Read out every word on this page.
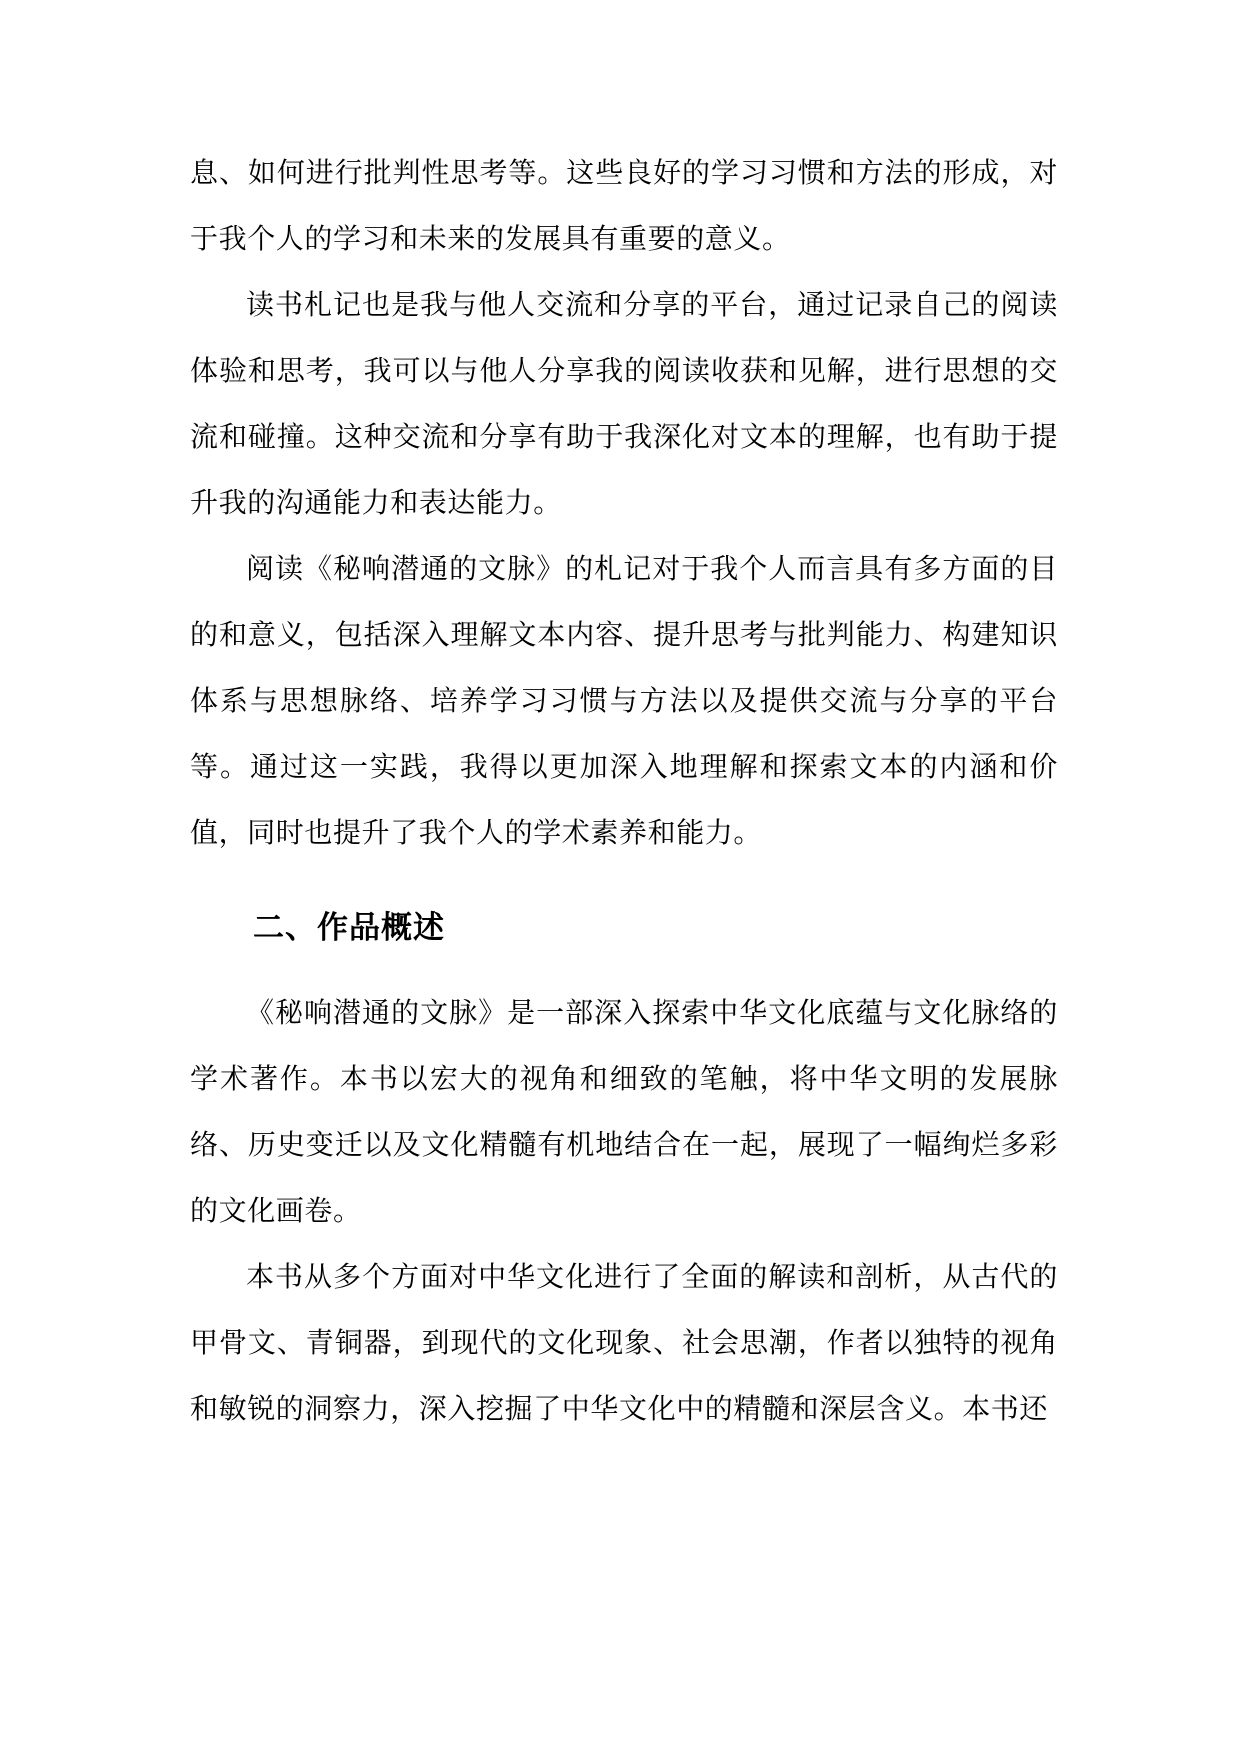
息、如何进行批判性思考等。这些良好的学习习惯和方法的形成，对于我个人的学习和未来的发展具有重要的意义。

读书札记也是我与他人交流和分享的平台，通过记录自己的阅读体验和思考，我可以与他人分享我的阅读收获和见解，进行思想的交流和碰撞。这种交流和分享有助于我深化对文本的理解，也有助于提升我的沟通能力和表达能力。

阅读《秘响潜通的文脉》的札记对于我个人而言具有多方面的目的和意义，包括深入理解文本内容、提升思考与批判能力、构建知识体系与思想脉络、培养学习习惯与方法以及提供交流与分享的平台等。通过这一实践，我得以更加深入地理解和探索文本的内涵和价值，同时也提升了我个人的学术素养和能力。

二、作品概述

《秘响潜通的文脉》是一部深入探索中华文化底蕴与文化脉络的学术著作。本书以宏大的视角和细致的笔触，将中华文明的发展脉络、历史变迁以及文化精髓有机地结合在一起，展现了一幅绚烂多彩的文化画卷。

本书从多个方面对中华文化进行了全面的解读和剖析，从古代的甲骨文、青铜器，到现代的文化现象、社会思潮，作者以独特的视角和敏锐的洞察力，深入挖掘了中华文化中的精髓和深层含义。本书还
